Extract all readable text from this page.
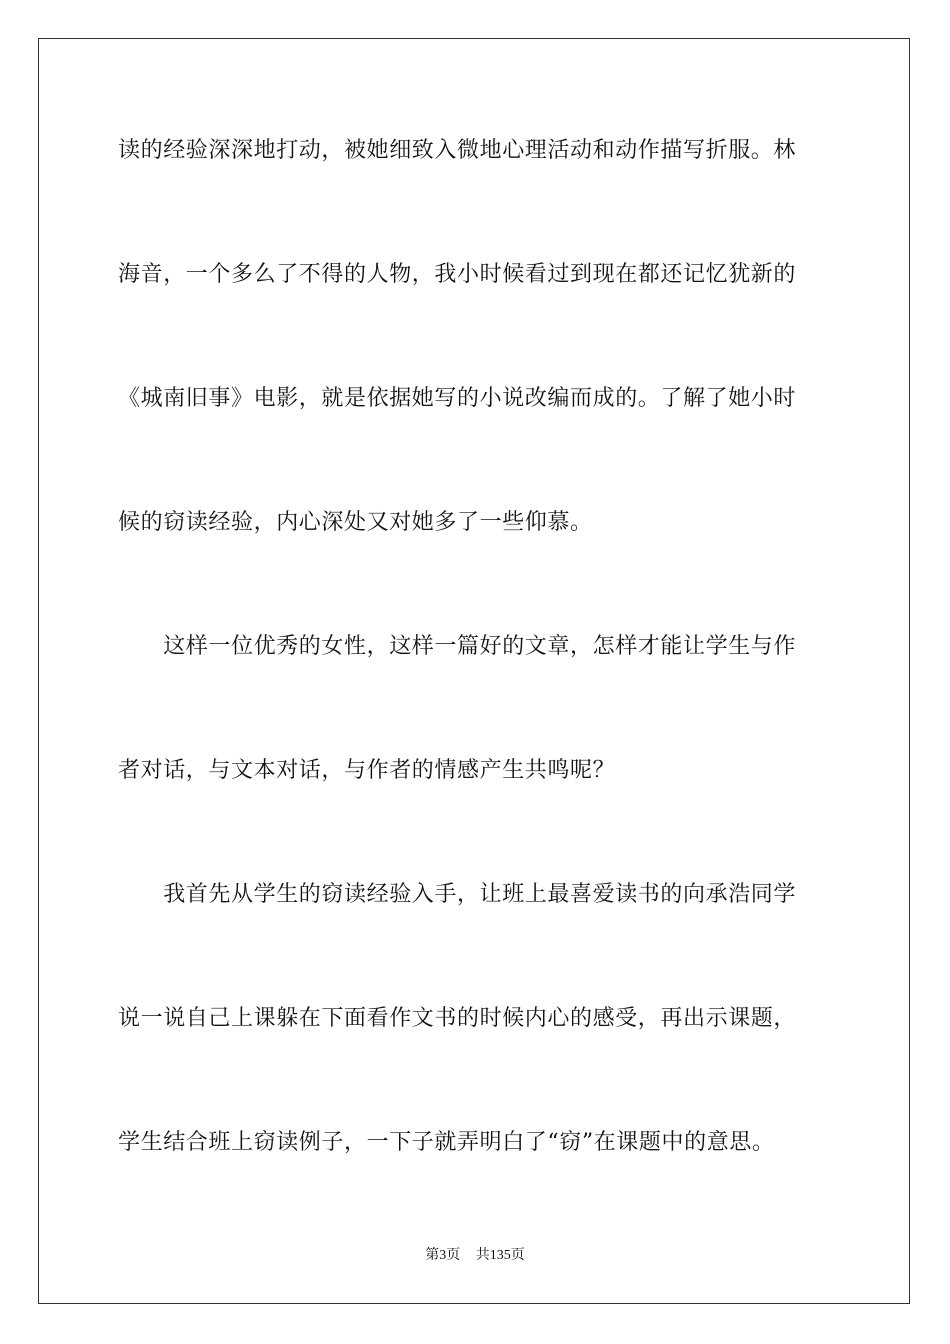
读的经验深深地打动，被她细致入微地心理活动和动作描写折服。林
海音，一个多么了不得的人物，我小时候看过到现在都还记忆犹新的
《城南旧事》电影，就是依据她写的小说改编而成的。了解了她小时
候的窃读经验，内心深处又对她多了一些仰慕。
　　这样一位优秀的女性，这样一篇好的文章，怎样才能让学生与作
者对话，与文本对话，与作者的情感产生共鸣呢？
　　我首先从学生的窃读经验入手，让班上最喜爱读书的向承浩同学
说一说自己上课躲在下面看作文书的时候内心的感受，再出示课题，
学生结合班上窃读例子，一下子就弄明白了“窃”在课题中的意思。
第3页 共135页
